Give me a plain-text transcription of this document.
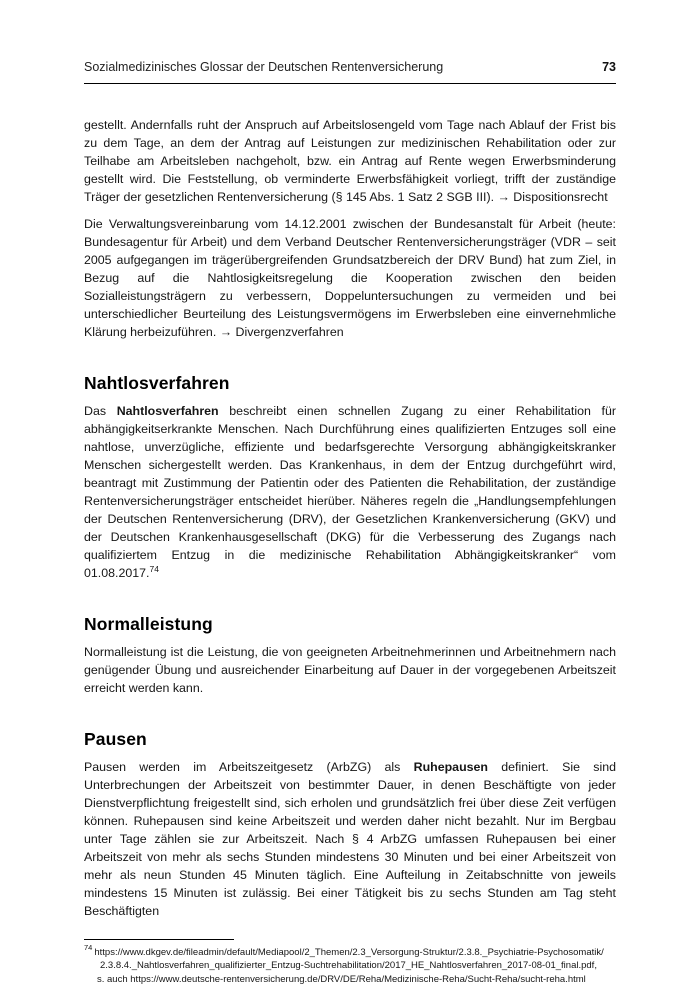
Sozialmedizinisches Glossar der Deutschen Rentenversicherung	73

gestellt. Andernfalls ruht der Anspruch auf Arbeitslosengeld vom Tage nach Ablauf der Frist bis zu dem Tage, an dem der Antrag auf Leistungen zur medizinischen Rehabilitation oder zur Teilhabe am Arbeitsleben nachgeholt, bzw. ein Antrag auf Rente wegen Erwerbsminderung gestellt wird. Die Feststellung, ob verminderte Erwerbsfähigkeit vorliegt, trifft der zuständige Träger der gesetzlichen Rentenversicherung (§ 145 Abs. 1 Satz 2 SGB III). → Dispositionsrecht

Die Verwaltungsvereinbarung vom 14.12.2001 zwischen der Bundesanstalt für Arbeit (heute: Bundesagentur für Arbeit) und dem Verband Deutscher Rentenversicherungsträger (VDR – seit 2005 aufgegangen im trägerübergreifenden Grundsatzbereich der DRV Bund) hat zum Ziel, in Bezug auf die Nahtlosigkeitsregelung die Kooperation zwischen den beiden Sozialleistungsträgern zu verbessern, Doppeluntersuchungen zu vermeiden und bei unterschiedlicher Beurteilung des Leistungsvermögens im Erwerbsleben eine einvernehmliche Klärung herbeizuführen. → Divergenzverfahren

Nahtlosverfahren

Das Nahtlosverfahren beschreibt einen schnellen Zugang zu einer Rehabilitation für abhängigkeitserkrankte Menschen. Nach Durchführung eines qualifizierten Entzuges soll eine nahtlose, unverzügliche, effiziente und bedarfsgerechte Versorgung abhängigkeitskranker Menschen sichergestellt werden. Das Krankenhaus, in dem der Entzug durchgeführt wird, beantragt mit Zustimmung der Patientin oder des Patienten die Rehabilitation, der zuständige Rentenversicherungsträger entscheidet hierüber. Näheres regeln die „Handlungsempfehlungen der Deutschen Rentenversicherung (DRV), der Gesetzlichen Krankenversicherung (GKV) und der Deutschen Krankenhausgesellschaft (DKG) für die Verbesserung des Zugangs nach qualifiziertem Entzug in die medizinische Rehabilitation Abhängigkeitskranker“ vom 01.08.2017.74

Normalleistung

Normalleistung ist die Leistung, die von geeigneten Arbeitnehmerinnen und Arbeitnehmern nach genügender Übung und ausreichender Einarbeitung auf Dauer in der vorgegebenen Arbeitszeit erreicht werden kann.

Pausen

Pausen werden im Arbeitszeitgesetz (ArbZG) als Ruhepausen definiert. Sie sind Unterbrechungen der Arbeitszeit von bestimmter Dauer, in denen Beschäftigte von jeder Dienstverpflichtung freigestellt sind, sich erholen und grundsätzlich frei über diese Zeit verfügen können. Ruhepausen sind keine Arbeitszeit und werden daher nicht bezahlt. Nur im Bergbau unter Tage zählen sie zur Arbeitszeit. Nach § 4 ArbZG umfassen Ruhepausen bei einer Arbeitszeit von mehr als sechs Stunden mindestens 30 Minuten und bei einer Arbeitszeit von mehr als neun Stunden 45 Minuten täglich. Eine Aufteilung in Zeitabschnitte von jeweils mindestens 15 Minuten ist zulässig. Bei einer Tätigkeit bis zu sechs Stunden am Tag steht Beschäftigten

$^{74}$ https://www.dkgev.de/fileadmin/default/Mediapool/2_Themen/2.3_Versorgung-Struktur/2.3.8._Psychiatrie-Psychosomatik/
2.3.8.4._Nahtlosverfahren_qualifizierter_Entzug-Suchtrehabilitation/2017_HE_Nahtlosverfahren_2017-08-01_final.pdf,
s. auch https://www.deutsche-rentenversicherung.de/DRV/DE/Reha/Medizinische-Reha/Sucht-Reha/sucht-reha.html
